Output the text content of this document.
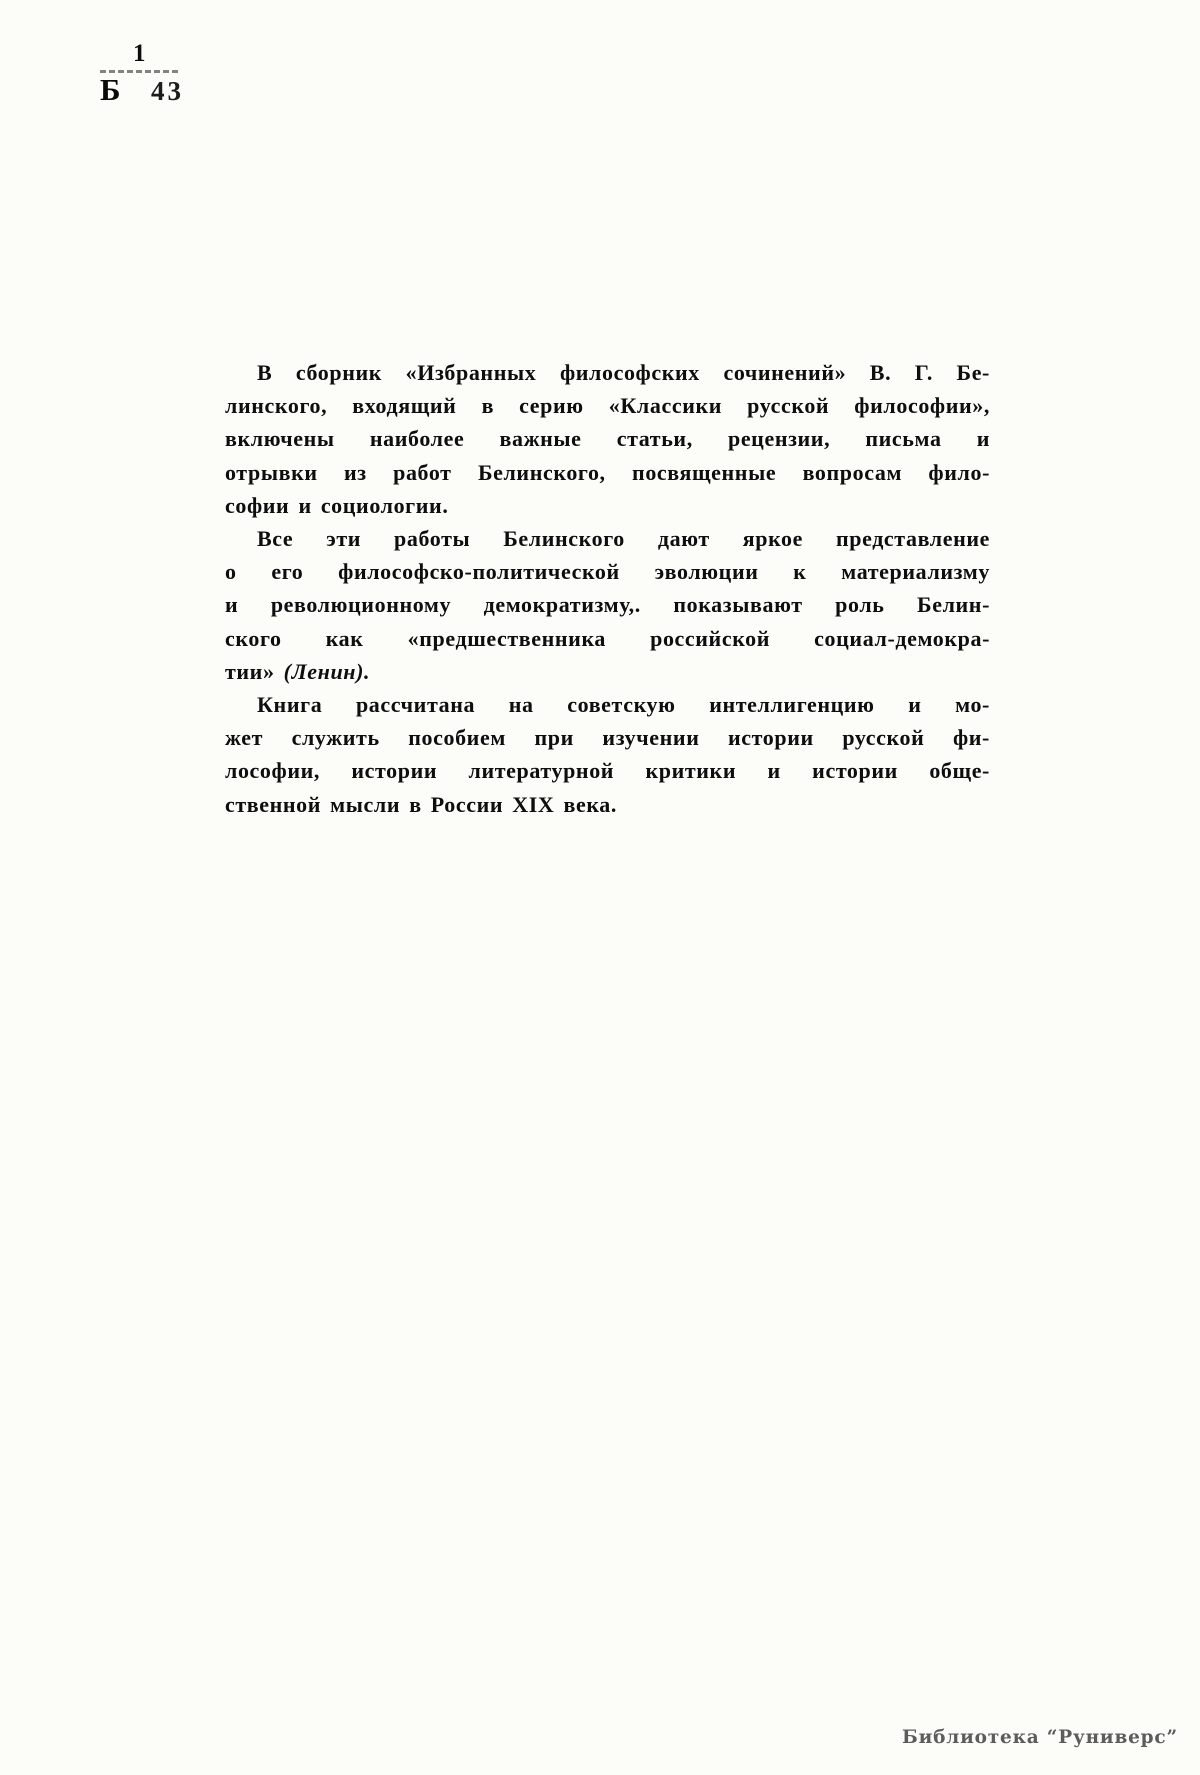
1
Б 43
В сборник «Избранных философских сочинений» В. Г. Бе-
линского, входящий в серию «Классики русской философии»,
включены наиболее важные статьи, рецензии, письма и
отрывки из работ Белинского, посвященные вопросам фило-
софии и социологии.
Все эти работы Белинского дают яркое представление
о его философско-политической эволюции к материализму
и революционному демократизму,. показывают роль Белин-
ского как «предшественника российской социал-демокра-
тии» (Ленин).
Книга рассчитана на советскую интеллигенцию и мо-
жет служить пособием при изучении истории русской фи-
лософии, истории литературной критики и истории обще-
ственной мысли в России XIX века.
Библиотека “Руниверс”
